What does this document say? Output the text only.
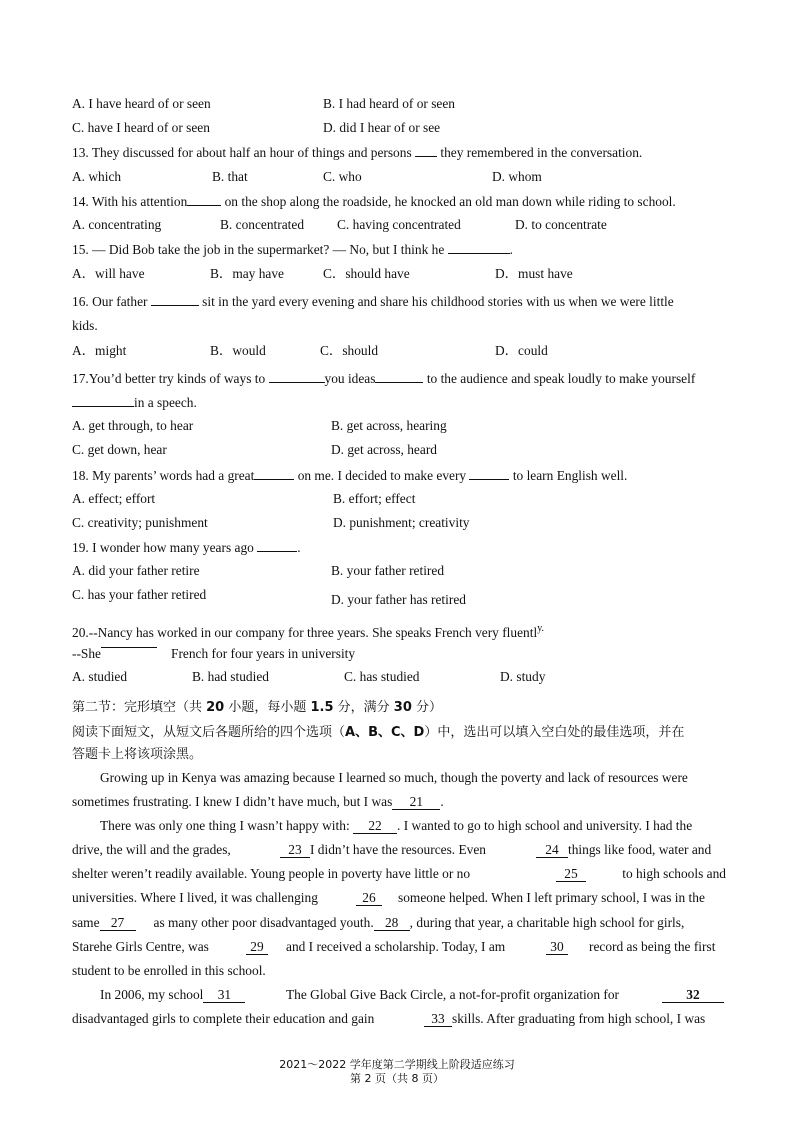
A. I have heard of or seen	B. I had heard of or seen
C. have I heard of or seen	D. did I hear of or see
13. They discussed for about half an hour of things and persons  they remembered in the conversation.
A. which	B. that	C. who	D. whom
14. With his attention	on the shop along the roadside, he knocked an old man down while riding to school.
A. concentrating	B. concentrated C. having concentrated	D. to concentrate
15. — Did Bob take the job in the supermarket? — No, but I think he	.
A．will have	B．may have	C．should have	D．must have
16. Our father	sit in the yard every evening and share his childhood stories with us when we were little
kids.
A．might	B．would	C．should	D．could
17.You’d better try kinds of ways to	you ideas	to the audience and speak loudly to make yourself
in a speech.
A. get through, to hear	B. get across, hearing
C. get down, hear	D. get across, heard
18. My parents’ words had a great	on me. I decided to make every	to learn English well.
A. effect; effort	B. effort; effect
C. creativity; punishment	D. punishment; creativity
19. I wonder how many years ago	.
A. did your father retire	B. your father retired
C. has your father retired	D. your father has retired
20.--Nancy has worked in our company for three years. She speaks French very fluentl$^{y.}$
--She	French for four years in university
A. studied	B. had studied	C. has studied	D. study
第二节：完形填空（共 20 小题，每小题 1.5 分，满分 30 分）
阅读下面短文，从短文后各题所给的四个选项（A、B、C、D）中，选出可以填入空白处的最佳选项，并在
答题卡上将该项涂黑。
Growing up in Kenya was amazing because I learned so much, though the poverty and lack of resources were
sometimes frustrating. I knew I didn’t have much, but I was 21 .
There was only one thing I wasn’t happy with: 22 . I wanted to go to high school and university. I had the
drive, the will and the grades,	23 I didn’t have the resources. Even	24 things like food, water and
shelter weren’t readily available. Young people in poverty have little or no	25	to high schools and
universities. Where I lived, it was challenging	26	someone helped. When I left primary school, I was in the
same 27 as many other poor disadvantaged youth. 28 , during that year, a charitable high school for girls,
Starehe Girls Centre, was	29	and I received a scholarship. Today, I am	30	record as being the first
student to be enrolled in this school.
In 2006, my school 31	The Global Give Back Circle, a not-for-profit organization for	32
disadvantaged girls to complete their education and gain	33 skills. After graduating from high school, I was
2021～2022 学年度第二学期线上阶段适应练习
第 2 页（共 8 页）
